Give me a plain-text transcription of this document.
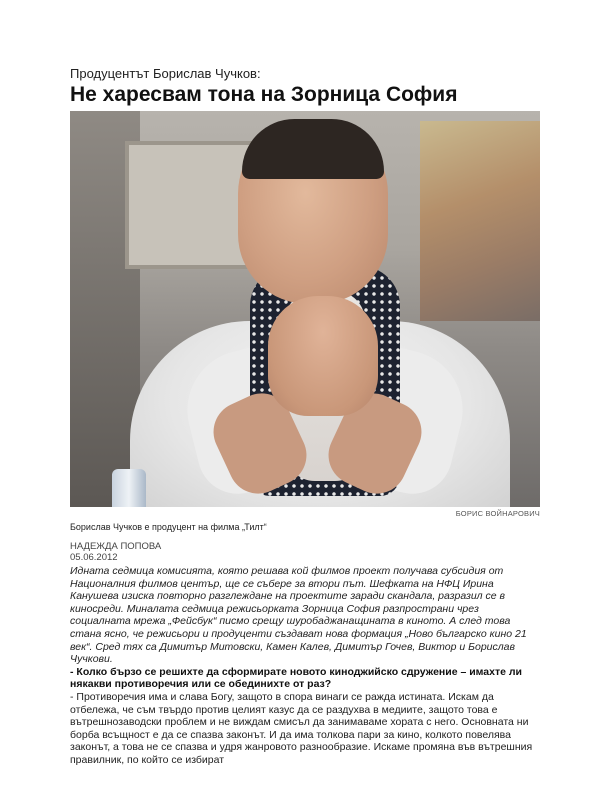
Продуцентът Борислав Чучков:

Не харесвам тона на Зорница София

БОРИС ВОЙНАРОВИЧ

Борислав Чучков е продуцент на филма „Тилт“

НАДЕЖДА ПОПОВА

05.06.2012

Идната седмица комисията, която решава кой филмов проект получава субсидия от Националния филмов център, ще се събере за втори път. Шефката на НФЦ Ирина Канушева изиска повторно разглеждане на проектите заради скандала, разразил се в киносреди. Миналата седмица режисьорката Зорница София разпространи чрез социалната мрежа „Фейсбук“ писмо срещу шуробаджанащината в киното. А след това стана ясно, че режисьори и продуценти създават нова формация „Ново българско кино 21 век“. Сред тях са Димитър Митовски, Камен Калев, Димитър Гочев, Виктор и Борислав Чучкови.

- Колко бързо се решихте да сформирате новото киноджийско сдружение – имахте ли някакви противоречия или се обединихте от раз?

- Противоречия има и слава Богу, защото в спора винаги се ражда истината. Искам да отбележа, че съм твърдо против целият казус да се раздухва в медиите, защото това е вътрешнозаводски проблем и не виждам смисъл да занимаваме хората с него. Основната ни борба всъщност е да се спазва законът. И да има толкова пари за кино, колкото повелява законът, а това не се спазва и удря жанровото разнообразие. Искаме промяна във вътрешния правилник, по който се избират
